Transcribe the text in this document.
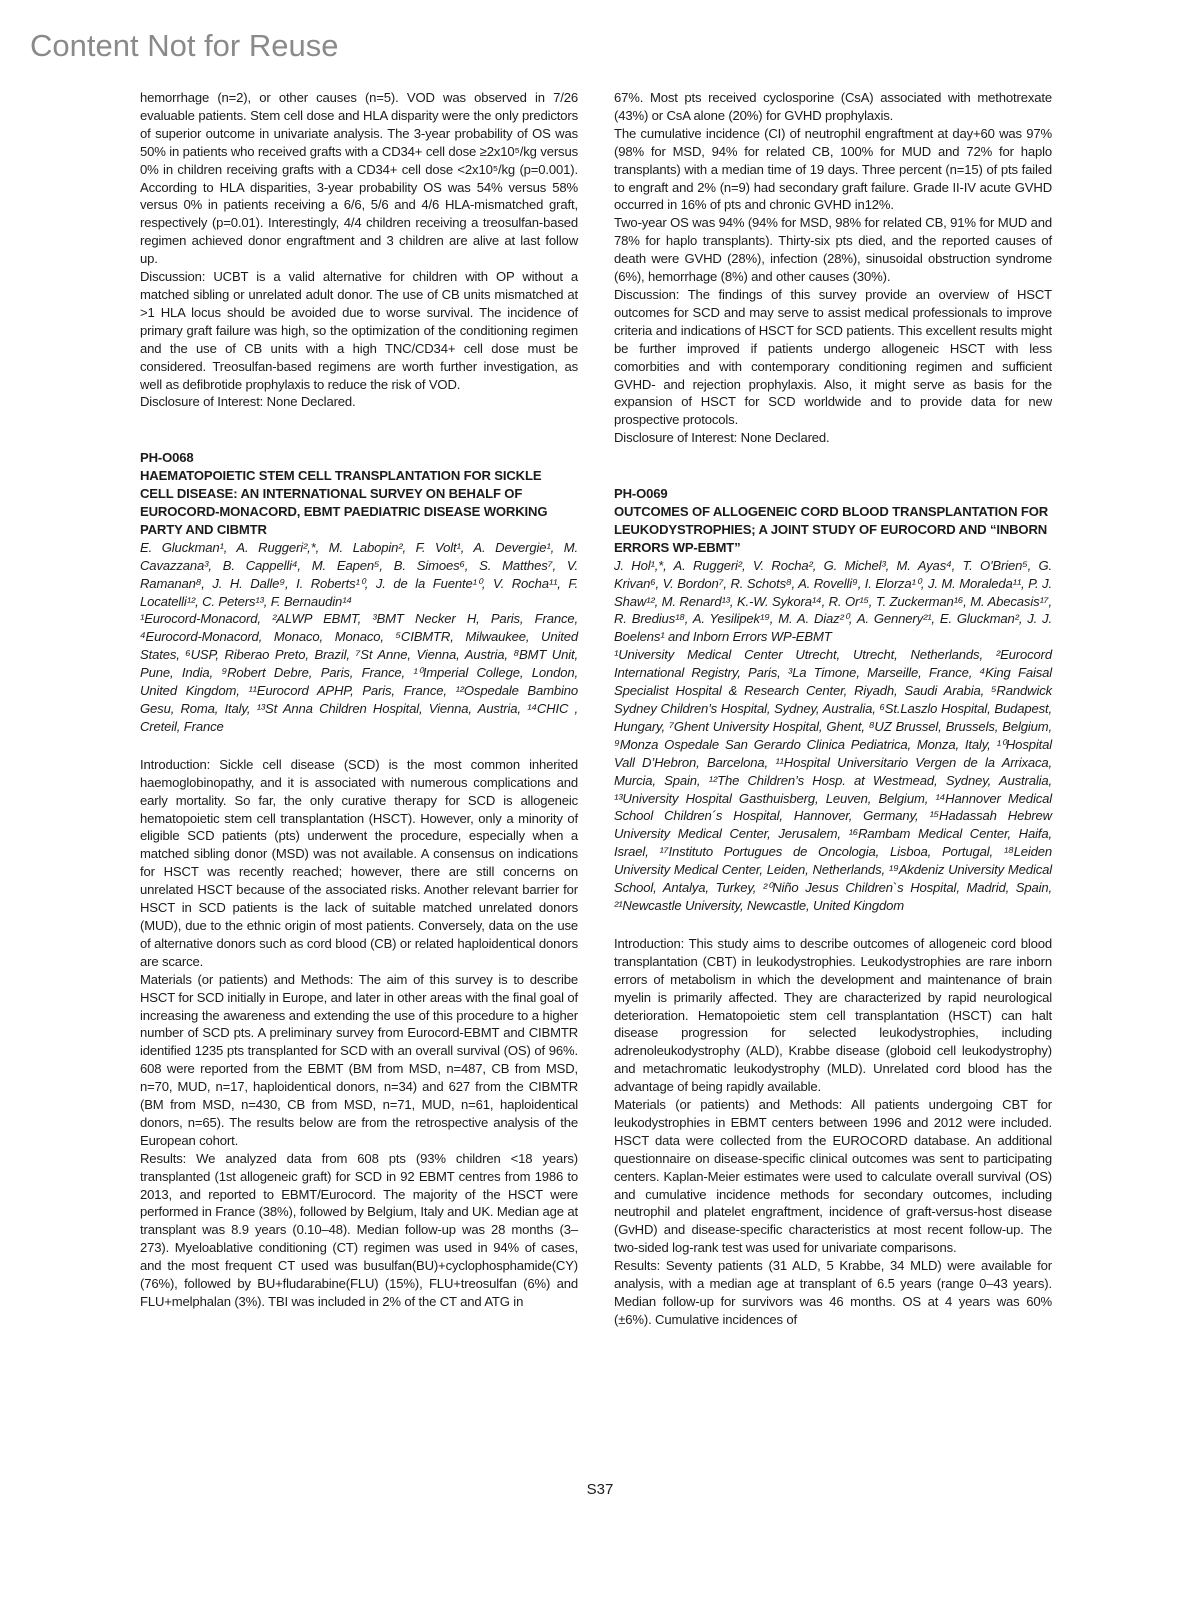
Content Not for Reuse

hemorrhage (n=2), or other causes (n=5). VOD was observed in 7/26 evaluable patients. Stem cell dose and HLA disparity were the only predictors of superior outcome in univariate analysis. The 3-year probability of OS was 50% in patients who received grafts with a CD34+ cell dose ≥2x10⁵/kg versus 0% in children receiving grafts with a CD34+ cell dose <2x10⁵/kg (p=0.001). According to HLA disparities, 3-year probability OS was 54% versus 58% versus 0% in patients receiving a 6/6, 5/6 and 4/6 HLA-mismatched graft, respectively (p=0.01). Interestingly, 4/4 children receiving a treosulfan-based regimen achieved donor engraftment and 3 children are alive at last follow up.

Discussion: UCBT is a valid alternative for children with OP without a matched sibling or unrelated adult donor. The use of CB units mismatched at >1 HLA locus should be avoided due to worse survival. The incidence of primary graft failure was high, so the optimization of the conditioning regimen and the use of CB units with a high TNC/CD34+ cell dose must be considered. Treosulfan-based regimens are worth further investigation, as well as defibrotide prophylaxis to reduce the risk of VOD.

Disclosure of Interest: None Declared.

PH-O068

HAEMATOPOIETIC STEM CELL TRANSPLANTATION FOR SICKLE CELL DISEASE: AN INTERNATIONAL SURVEY ON BEHALF OF EUROCORD-MONACORD, EBMT PAEDIATRIC DISEASE WORKING PARTY AND CIBMTR

E. Gluckman¹, A. Ruggeri²,*, M. Labopin², F. Volt¹, A. Devergie¹, M. Cavazzana³, B. Cappelli⁴, M. Eapen⁵, B. Simoes⁶, S. Matthes⁷, V. Ramanan⁸, J. H. Dalle⁹, I. Roberts¹⁰, J. de la Fuente¹⁰, V. Rocha¹¹, F. Locatelli¹², C. Peters¹³, F. Bernaudin¹⁴

¹Eurocord-Monacord, ²ALWP EBMT, ³BMT Necker H, Paris, France, ⁴Eurocord-Monacord, Monaco, Monaco, ⁵CIBMTR, Milwaukee, United States, ⁶USP, Riberao Preto, Brazil, ⁷St Anne, Vienna, Austria, ⁸BMT Unit, Pune, India, ⁹Robert Debre, Paris, France, ¹⁰Imperial College, London, United Kingdom, ¹¹Eurocord APHP, Paris, France, ¹²Ospedale Bambino Gesu, Roma, Italy, ¹³St Anna Children Hospital, Vienna, Austria, ¹⁴CHIC , Creteil, France

Introduction: Sickle cell disease (SCD) is the most common inherited haemoglobinopathy, and it is associated with numerous complications and early mortality. So far, the only curative therapy for SCD is allogeneic hematopoietic stem cell transplantation (HSCT). However, only a minority of eligible SCD patients (pts) underwent the procedure, especially when a matched sibling donor (MSD) was not available. A consensus on indications for HSCT was recently reached; however, there are still concerns on unrelated HSCT because of the associated risks. Another relevant barrier for HSCT in SCD patients is the lack of suitable matched unrelated donors (MUD), due to the ethnic origin of most patients. Conversely, data on the use of alternative donors such as cord blood (CB) or related haploidentical donors are scarce.

Materials (or patients) and Methods: The aim of this survey is to describe HSCT for SCD initially in Europe, and later in other areas with the final goal of increasing the awareness and extending the use of this procedure to a higher number of SCD pts. A preliminary survey from Eurocord-EBMT and CIBMTR identified 1235 pts transplanted for SCD with an overall survival (OS) of 96%. 608 were reported from the EBMT (BM from MSD, n=487, CB from MSD, n=70, MUD, n=17, haploidentical donors, n=34) and 627 from the CIBMTR (BM from MSD, n=430, CB from MSD, n=71, MUD, n=61, haploidentical donors, n=65). The results below are from the retrospective analysis of the European cohort.

Results: We analyzed data from 608 pts (93% children <18 years) transplanted (1st allogeneic graft) for SCD in 92 EBMT centres from 1986 to 2013, and reported to EBMT/Eurocord. The majority of the HSCT were performed in France (38%), followed by Belgium, Italy and UK. Median age at transplant was 8.9 years (0.10–48). Median follow-up was 28 months (3–273). Myeloablative conditioning (CT) regimen was used in 94% of cases, and the most frequent CT used was busulfan(BU)+cyclophosphamide(CY) (76%), followed by BU+fludarabine(FLU) (15%), FLU+treosulfan (6%) and FLU+melphalan (3%). TBI was included in 2% of the CT and ATG in

67%. Most pts received cyclosporine (CsA) associated with methotrexate (43%) or CsA alone (20%) for GVHD prophylaxis.

The cumulative incidence (CI) of neutrophil engraftment at day+60 was 97% (98% for MSD, 94% for related CB, 100% for MUD and 72% for haplo transplants) with a median time of 19 days. Three percent (n=15) of pts failed to engraft and 2% (n=9) had secondary graft failure. Grade II-IV acute GVHD occurred in 16% of pts and chronic GVHD in12%.

Two-year OS was 94% (94% for MSD, 98% for related CB, 91% for MUD and 78% for haplo transplants). Thirty-six pts died, and the reported causes of death were GVHD (28%), infection (28%), sinusoidal obstruction syndrome (6%), hemorrhage (8%) and other causes (30%).

Discussion: The findings of this survey provide an overview of HSCT outcomes for SCD and may serve to assist medical professionals to improve criteria and indications of HSCT for SCD patients. This excellent results might be further improved if patients undergo allogeneic HSCT with less comorbities and with contemporary conditioning regimen and sufficient GVHD- and rejection prophylaxis. Also, it might serve as basis for the expansion of HSCT for SCD worldwide and to provide data for new prospective protocols.

Disclosure of Interest: None Declared.

PH-O069

OUTCOMES OF ALLOGENEIC CORD BLOOD TRANSPLANTATION FOR LEUKODYSTROPHIES; A JOINT STUDY OF EUROCORD AND “INBORN ERRORS WP-EBMT”

J. Hol¹,*, A. Ruggeri², V. Rocha², G. Michel³, M. Ayas⁴, T. O'Brien⁵, G. Krivan⁶, V. Bordon⁷, R. Schots⁸, A. Rovelli⁹, I. Elorza¹⁰, J. M. Moraleda¹¹, P. J. Shaw¹², M. Renard¹³, K.-W. Sykora¹⁴, R. Or¹⁵, T. Zuckerman¹⁶, M. Abecasis¹⁷, R. Bredius¹⁸, A. Yesilipek¹⁹, M. A. Diaz²⁰, A. Gennery²¹, E. Gluckman², J. J. Boelens¹ and Inborn Errors WP-EBMT

¹University Medical Center Utrecht, Utrecht, Netherlands, ²Eurocord International Registry, Paris, ³La Timone, Marseille, France, ⁴King Faisal Specialist Hospital & Research Center, Riyadh, Saudi Arabia, ⁵Randwick Sydney Children’s Hospital, Sydney, Australia, ⁶St.Laszlo Hospital, Budapest, Hungary, ⁷Ghent University Hospital, Ghent, ⁸UZ Brussel, Brussels, Belgium, ⁹Monza Ospedale San Gerardo Clinica Pediatrica, Monza, Italy, ¹⁰Hospital Vall D’Hebron, Barcelona, ¹¹Hospital Universitario Vergen de la Arrixaca, Murcia, Spain, ¹²The Children’s Hosp. at Westmead, Sydney, Australia, ¹³University Hospital Gasthuisberg, Leuven, Belgium, ¹⁴Hannover Medical School Children´s Hospital, Hannover, Germany, ¹⁵Hadassah Hebrew University Medical Center, Jerusalem, ¹⁶Rambam Medical Center, Haifa, Israel, ¹⁷Instituto Portugues de Oncologia, Lisboa, Portugal, ¹⁸Leiden University Medical Center, Leiden, Netherlands, ¹⁹Akdeniz University Medical School, Antalya, Turkey, ²⁰Niño Jesus Children`s Hospital, Madrid, Spain, ²¹Newcastle University, Newcastle, United Kingdom

Introduction: This study aims to describe outcomes of allogeneic cord blood transplantation (CBT) in leukodystrophies. Leukodystrophies are rare inborn errors of metabolism in which the development and maintenance of brain myelin is primarily affected. They are characterized by rapid neurological deterioration. Hematopoietic stem cell transplantation (HSCT) can halt disease progression for selected leukodystrophies, including adrenoleukodystrophy (ALD), Krabbe disease (globoid cell leukodystrophy) and metachromatic leukodystrophy (MLD). Unrelated cord blood has the advantage of being rapidly available.

Materials (or patients) and Methods: All patients undergoing CBT for leukodystrophies in EBMT centers between 1996 and 2012 were included. HSCT data were collected from the EUROCORD database. An additional questionnaire on disease-specific clinical outcomes was sent to participating centers. Kaplan-Meier estimates were used to calculate overall survival (OS) and cumulative incidence methods for secondary outcomes, including neutrophil and platelet engraftment, incidence of graft-versus-host disease (GvHD) and disease-specific characteristics at most recent follow-up. The two-sided log-rank test was used for univariate comparisons.

Results: Seventy patients (31 ALD, 5 Krabbe, 34 MLD) were available for analysis, with a median age at transplant of 6.5 years (range 0–43 years). Median follow-up for survivors was 46 months. OS at 4 years was 60% (±6%). Cumulative incidences of

S37
